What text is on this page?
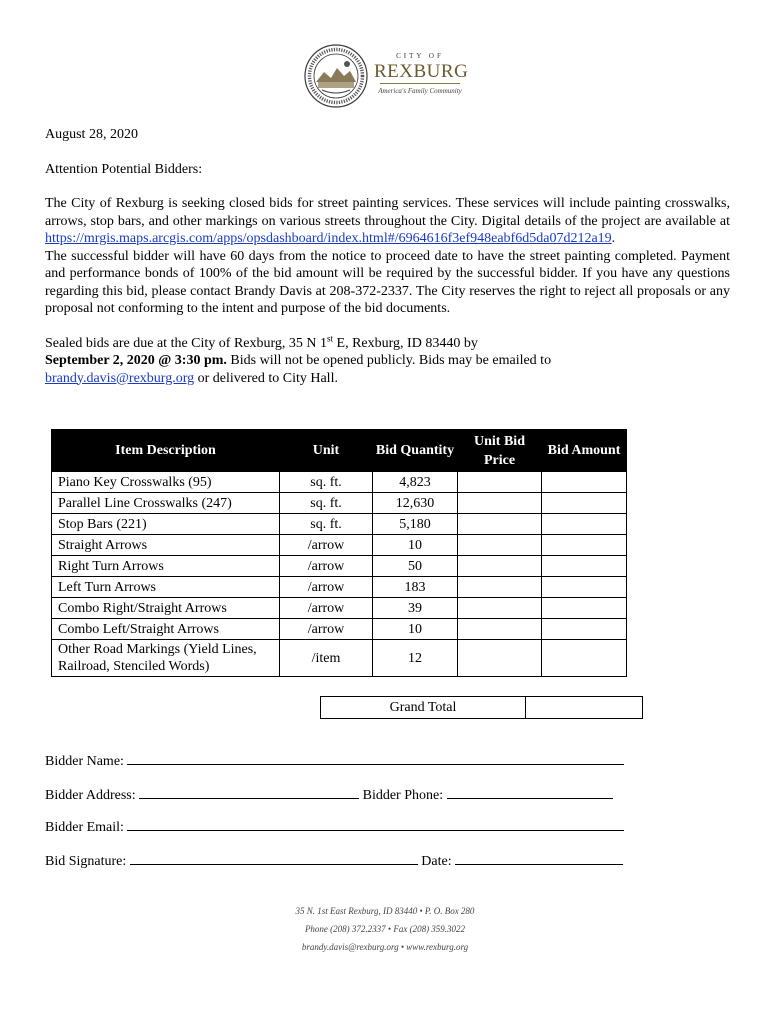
CITY OF
REXBURG
America's Family Community

August 28, 2020

Attention Potential Bidders:

The City of Rexburg is seeking closed bids for street painting services. These services will include painting crosswalks, arrows, stop bars, and other markings on various streets throughout the City. Digital details of the project are available at https://mrgis.maps.arcgis.com/apps/opsdashboard/index.html#/6964616f3ef948eabf6d5da07d212a19.
The successful bidder will have 60 days from the notice to proceed date to have the street painting completed. Payment and performance bonds of 100% of the bid amount will be required by the successful bidder. If you have any questions regarding this bid, please contact Brandy Davis at 208-372-2337. The City reserves the right to reject all proposals or any proposal not conforming to the intent and purpose of the bid documents.

Sealed bids are due at the City of Rexburg, 35 N 1st E, Rexburg, ID 83440 by
September 2, 2020 @ 3:30 pm. Bids will not be opened publicly. Bids may be emailed to
brandy.davis@rexburg.org or delivered to City Hall.

Item Description	Unit	Bid Quantity	Unit Bid Price	Bid Amount
Piano Key Crosswalks (95)	sq. ft.	4,823		
Parallel Line Crosswalks (247)	sq. ft.	12,630		
Stop Bars (221)	sq. ft.	5,180		
Straight Arrows	/arrow	10		
Right Turn Arrows	/arrow	50		
Left Turn Arrows	/arrow	183		
Combo Right/Straight Arrows	/arrow	39		
Combo Left/Straight Arrows	/arrow	10		
Other Road Markings (Yield Lines, Railroad, Stenciled Words)	/item	12		
Grand Total	
Bidder Name:
Bidder Address:	Bidder Phone:
Bidder Email:
Bid Signature:	Date:
35 N. 1st East Rexburg, ID 83440 • P. O. Box 280
Phone (208) 372.2337 • Fax (208) 359.3022
brandy.davis@rexburg.org • www.rexburg.org
